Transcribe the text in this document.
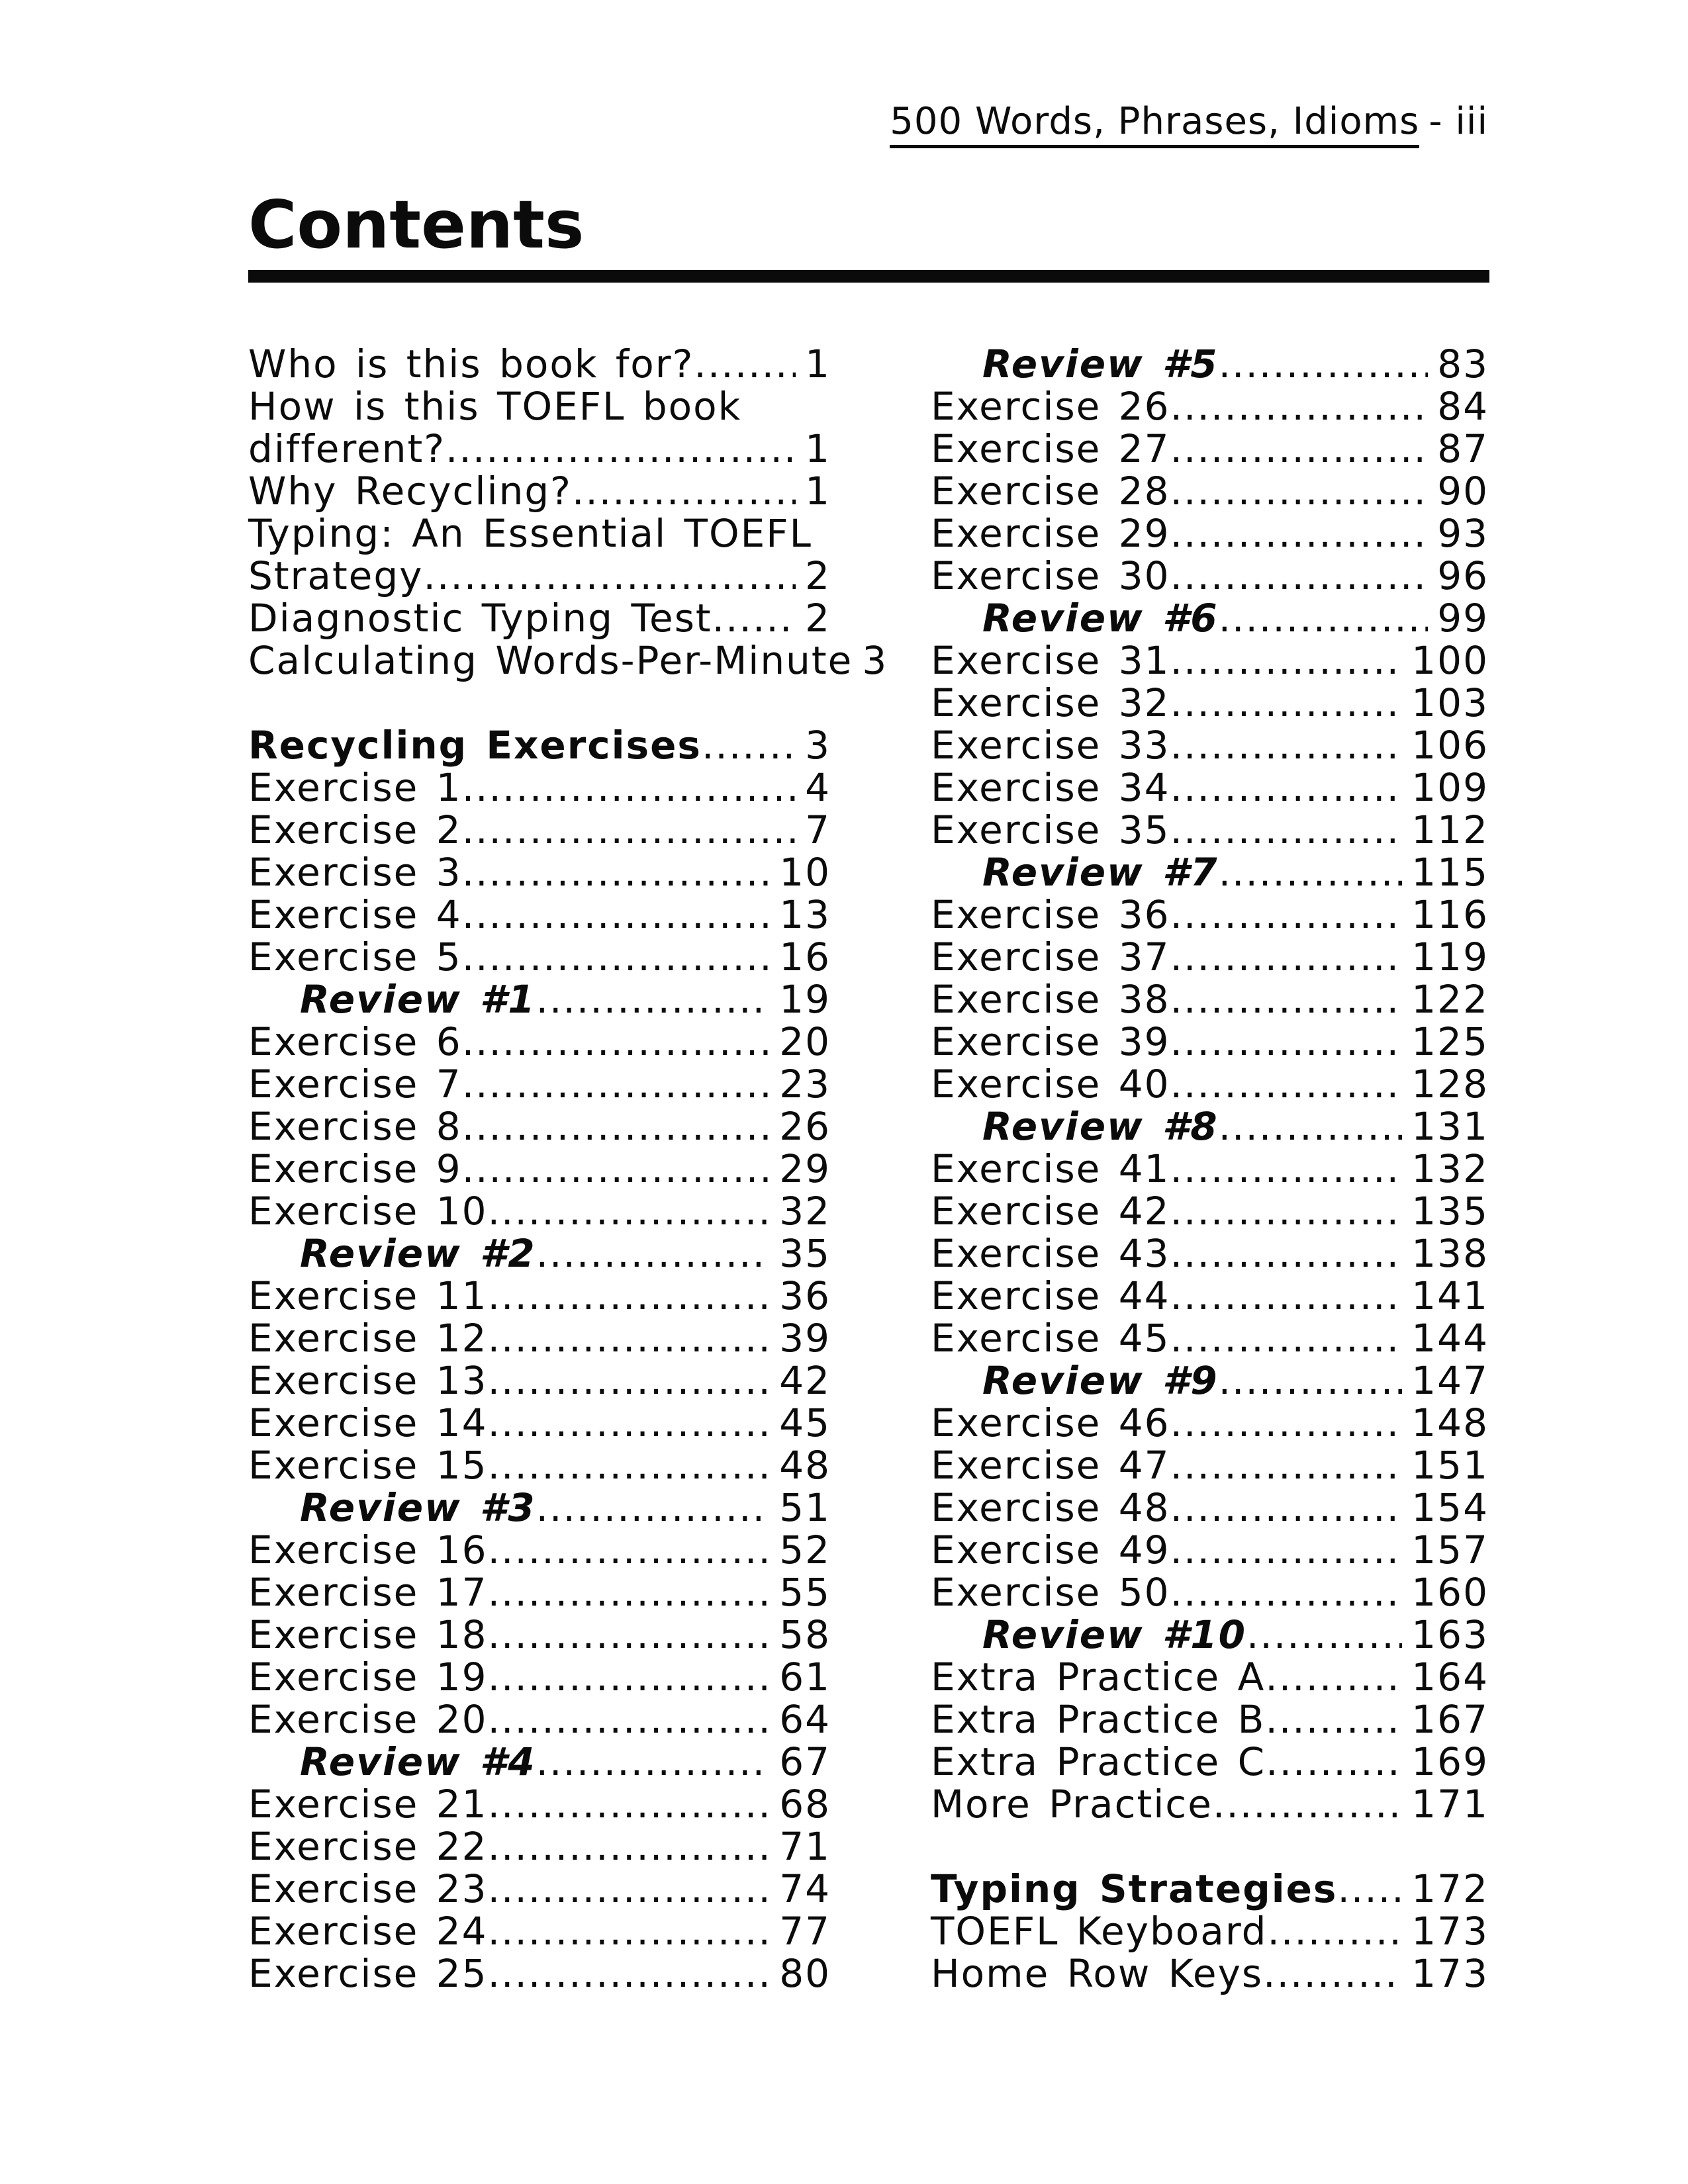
500 Words, Phrases, Idioms - iii
Contents
Who is this book for? .....	1
How is this TOEFL book
different? .....	1
Why Recycling? .....	1
Typing: An Essential TOEFL
Strategy .....	2
Diagnostic Typing Test ..... 2
Calculating Words-Per-Minute 3
Recycling Exercises .....	3
Exercise 1 .....	4
Exercise 2 .....	7
Exercise 3 .....	10
Exercise 4 .....	13
Exercise 5 .....	16
Review #1 .....	19
Exercise 6 .....	20
Exercise 7 .....	23
Exercise 8 .....	26
Exercise 9 .....	29
Exercise 10 .....	32
Review #2 .....	35
Exercise 11 .....	36
Exercise 12 .....	39
Exercise 13 .....	42
Exercise 14 .....	45
Exercise 15 .....	48
Review #3 .....	51
Exercise 16 .....	52
Exercise 17 .....	55
Exercise 18 .....	58
Exercise 19 .....	61
Exercise 20 .....	64
Review #4 .....	67
Exercise 21 .....	68
Exercise 22 .....	71
Exercise 23 .....	74
Exercise 24 .....	77
Exercise 25 .....	80
Review #5 .....	83
Exercise 26 .....	84
Exercise 27 .....	87
Exercise 28 .....	90
Exercise 29 .....	93
Exercise 30 .....	96
Review #6 .....	99
Exercise 31 .....	100
Exercise 32 .....	103
Exercise 33 .....	106
Exercise 34 .....	109
Exercise 35 .....	112
Review #7 .....	115
Exercise 36 .....	116
Exercise 37 .....	119
Exercise 38 .....	122
Exercise 39 .....	125
Exercise 40 .....	128
Review #8 .....	131
Exercise 41 .....	132
Exercise 42 .....	135
Exercise 43 .....	138
Exercise 44 .....	141
Exercise 45 .....	144
Review #9 .....	147
Exercise 46 .....	148
Exercise 47 .....	151
Exercise 48 .....	154
Exercise 49 .....	157
Exercise 50 .....	160
Review #10 .....	163
Extra Practice A .....	164
Extra Practice B .....	167
Extra Practice C .....	169
More Practice .....	171
Typing Strategies ..... 172
TOEFL Keyboard .....	173
Home Row Keys .....	173
